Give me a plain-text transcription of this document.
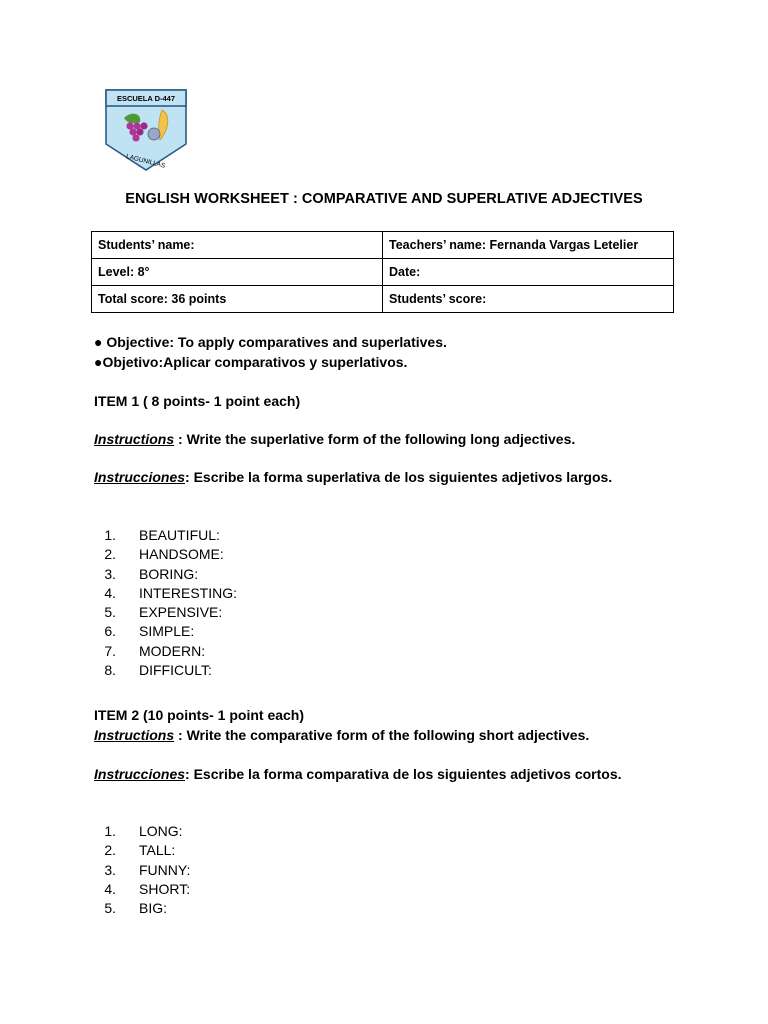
ESCUELA D-447
LAGUNILLAS
ENGLISH WORKSHEET : COMPARATIVE AND SUPERLATIVE ADJECTIVES
Students’ name:	Teachers’ name: Fernanda Vargas Letelier
Level: 8°	Date:
Total score: 36 points	Students’ score:
● Objective: To apply comparatives and superlatives.
●Objetivo:Aplicar comparativos y superlativos.
ITEM 1 ( 8 points- 1 point each)
Instructions : Write the superlative form of the following long adjectives.
Instrucciones: Escribe la forma superlativa de los siguientes adjetivos largos.
1. BEAUTIFUL:
2. HANDSOME:
3. BORING:
4. INTERESTING:
5. EXPENSIVE:
6. SIMPLE:
7. MODERN:
8. DIFFICULT:
ITEM 2 (10 points- 1 point each)
Instructions : Write the comparative form of the following short adjectives.
Instrucciones: Escribe la forma comparativa de los siguientes adjetivos cortos.
1. LONG:
2. TALL:
3. FUNNY:
4. SHORT:
5. BIG:
